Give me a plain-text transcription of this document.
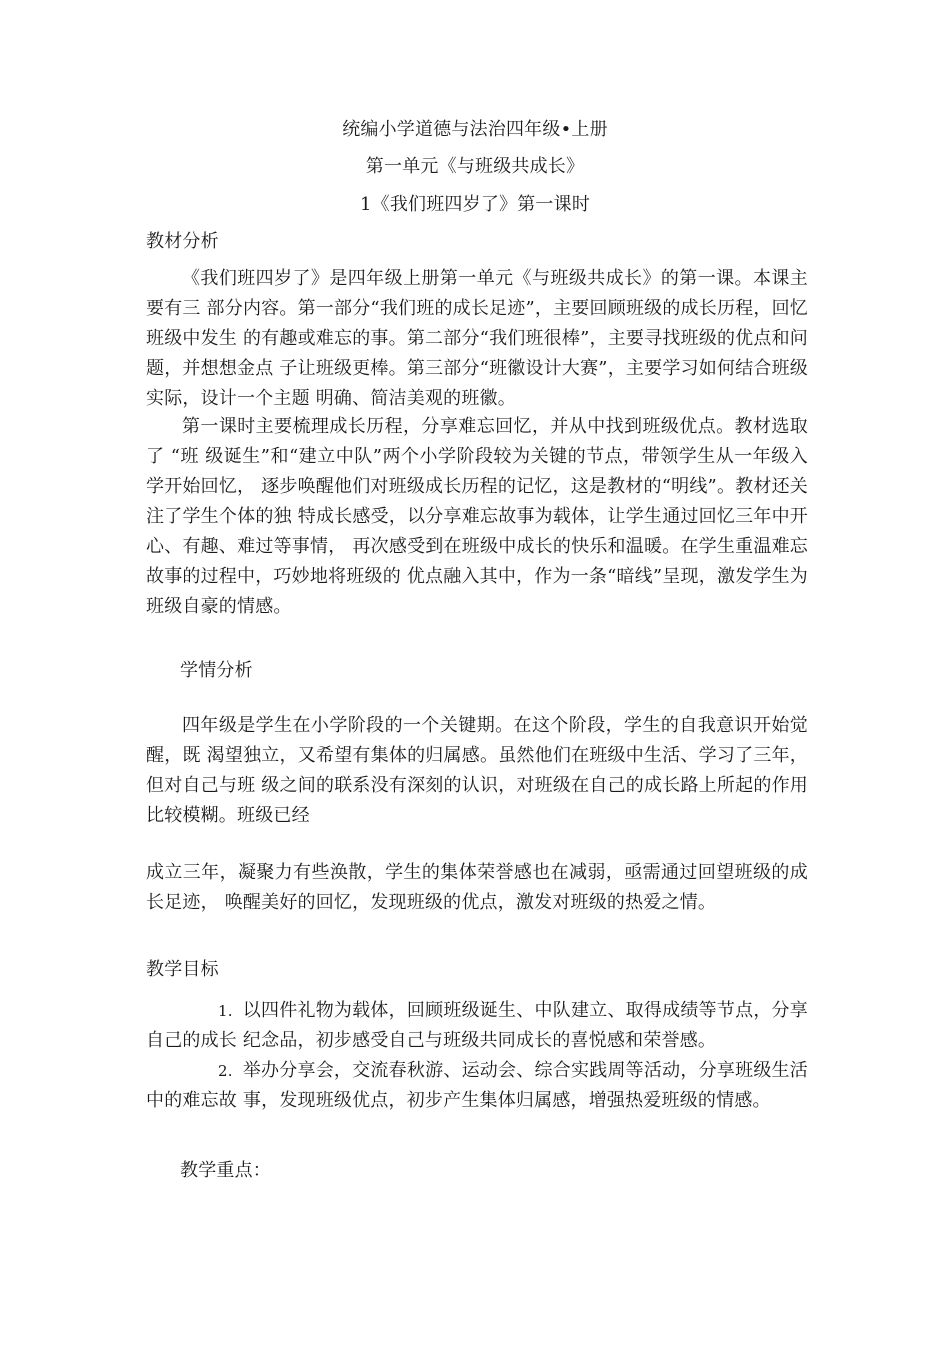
统编小学道德与法治四年级•上册

第一单元《与班级共成长》

1《我们班四岁了》第一课时

教材分析

《我们班四岁了》是四年级上册第一单元《与班级共成长》的第一课。本课主要有三 部分内容。第一部分“我们班的成长足迹”，主要回顾班级的成长历程，回忆班级中发生 的有趣或难忘的事。第二部分“我们班很棒”，主要寻找班级的优点和问题，并想想金点 子让班级更棒。第三部分“班徽设计大赛”，主要学习如何结合班级实际，设计一个主题 明确、简洁美观的班徽。

第一课时主要梳理成长历程，分享难忘回忆，并从中找到班级优点。教材选取了 “班 级诞生”和“建立中队”两个小学阶段较为关键的节点，带领学生从一年级入学开始回忆， 逐步唤醒他们对班级成长历程的记忆，这是教材的“明线”。教材还关注了学生个体的独 特成长感受，以分享难忘故事为载体，让学生通过回忆三年中开心、有趣、难过等事情， 再次感受到在班级中成长的快乐和温暖。在学生重温难忘故事的过程中，巧妙地将班级的 优点融入其中，作为一条“暗线”呈现，激发学生为班级自豪的情感。

学情分析

四年级是学生在小学阶段的一个关键期。在这个阶段，学生的自我意识开始觉醒，既 渴望独立，又希望有集体的归属感。虽然他们在班级中生活、学习了三年，但对自己与班 级之间的联系没有深刻的认识，对班级在自己的成长路上所起的作用比较模糊。班级已经

成立三年，凝聚力有些涣散，学生的集体荣誉感也在减弱，亟需通过回望班级的成长足迹， 唤醒美好的回忆，发现班级的优点，激发对班级的热爱之情。

教学目标

1. 以四件礼物为载体，回顾班级诞生、中队建立、取得成绩等节点，分享自己的成长 纪念品，初步感受自己与班级共同成长的喜悦感和荣誉感。

2. 举办分享会，交流春秋游、运动会、综合实践周等活动，分享班级生活中的难忘故 事，发现班级优点，初步产生集体归属感，增强热爱班级的情感。

教学重点：
